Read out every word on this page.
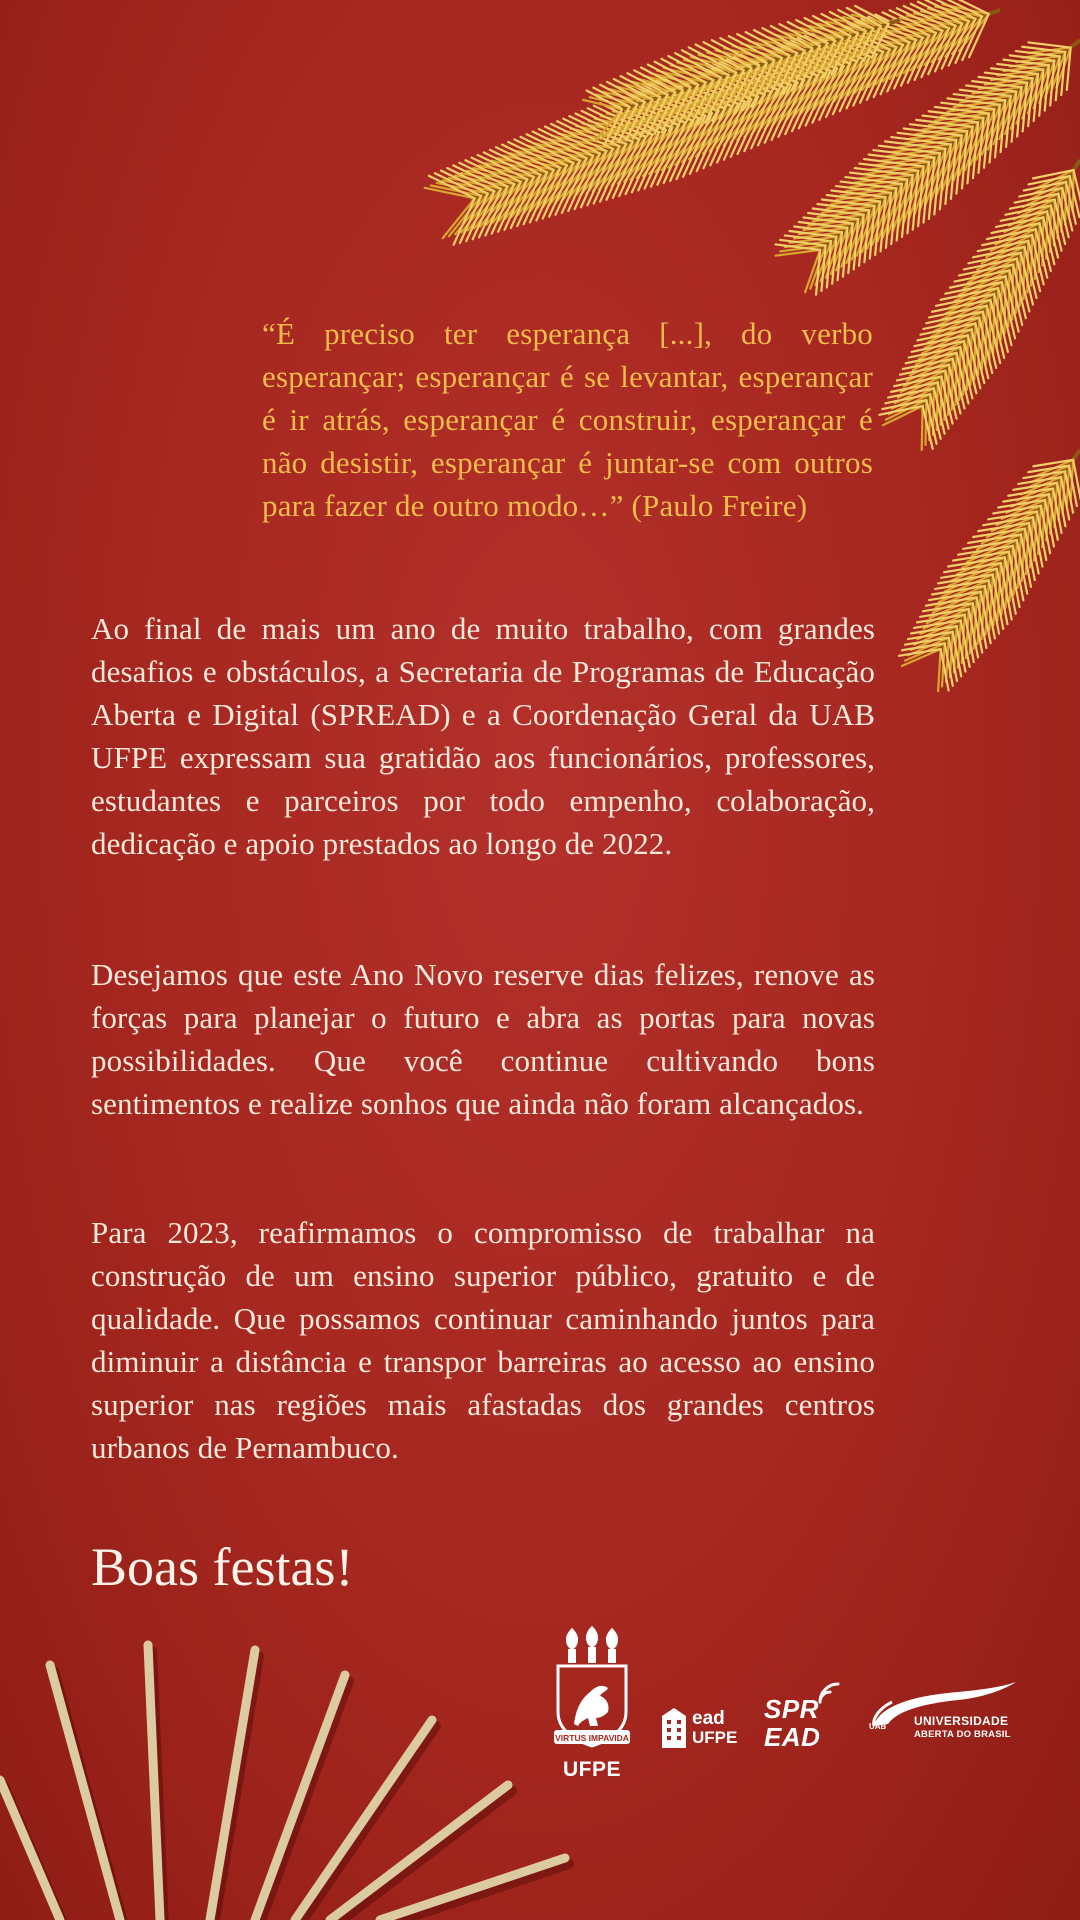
“É preciso ter esperança [...], do verbo esperançar; esperançar é se levantar, esperançar é ir atrás, esperançar é construir, esperançar é não desistir, esperançar é juntar-se com outros para fazer de outro modo…” (Paulo Freire)

Ao final de mais um ano de muito trabalho, com grandes desafios e obstáculos, a Secretaria de Programas de Educação Aberta e Digital (SPREAD) e a Coordenação Geral da UAB UFPE expressam sua gratidão aos funcionários, professores, estudantes e parceiros por todo empenho, colaboração, dedicação e apoio prestados ao longo de 2022.

Desejamos que este Ano Novo reserve dias felizes, renove as forças para planejar o futuro e abra as portas para novas possibilidades. Que você continue cultivando bons sentimentos e realize sonhos que ainda não foram alcançados.

Para 2023, reafirmamos o compromisso de trabalhar na construção de um ensino superior público, gratuito e de qualidade. Que possamos continuar caminhando juntos para diminuir a distância e transpor barreiras ao acesso ao ensino superior nas regiões mais afastadas dos grandes centros urbanos de Pernambuco.

Boas festas!
VIRTUS IMPAVIDA
UFPE
ead
UFPE
SPR
EAD	UAB UNIVERSIDADE
ABERTA DO BRASIL
